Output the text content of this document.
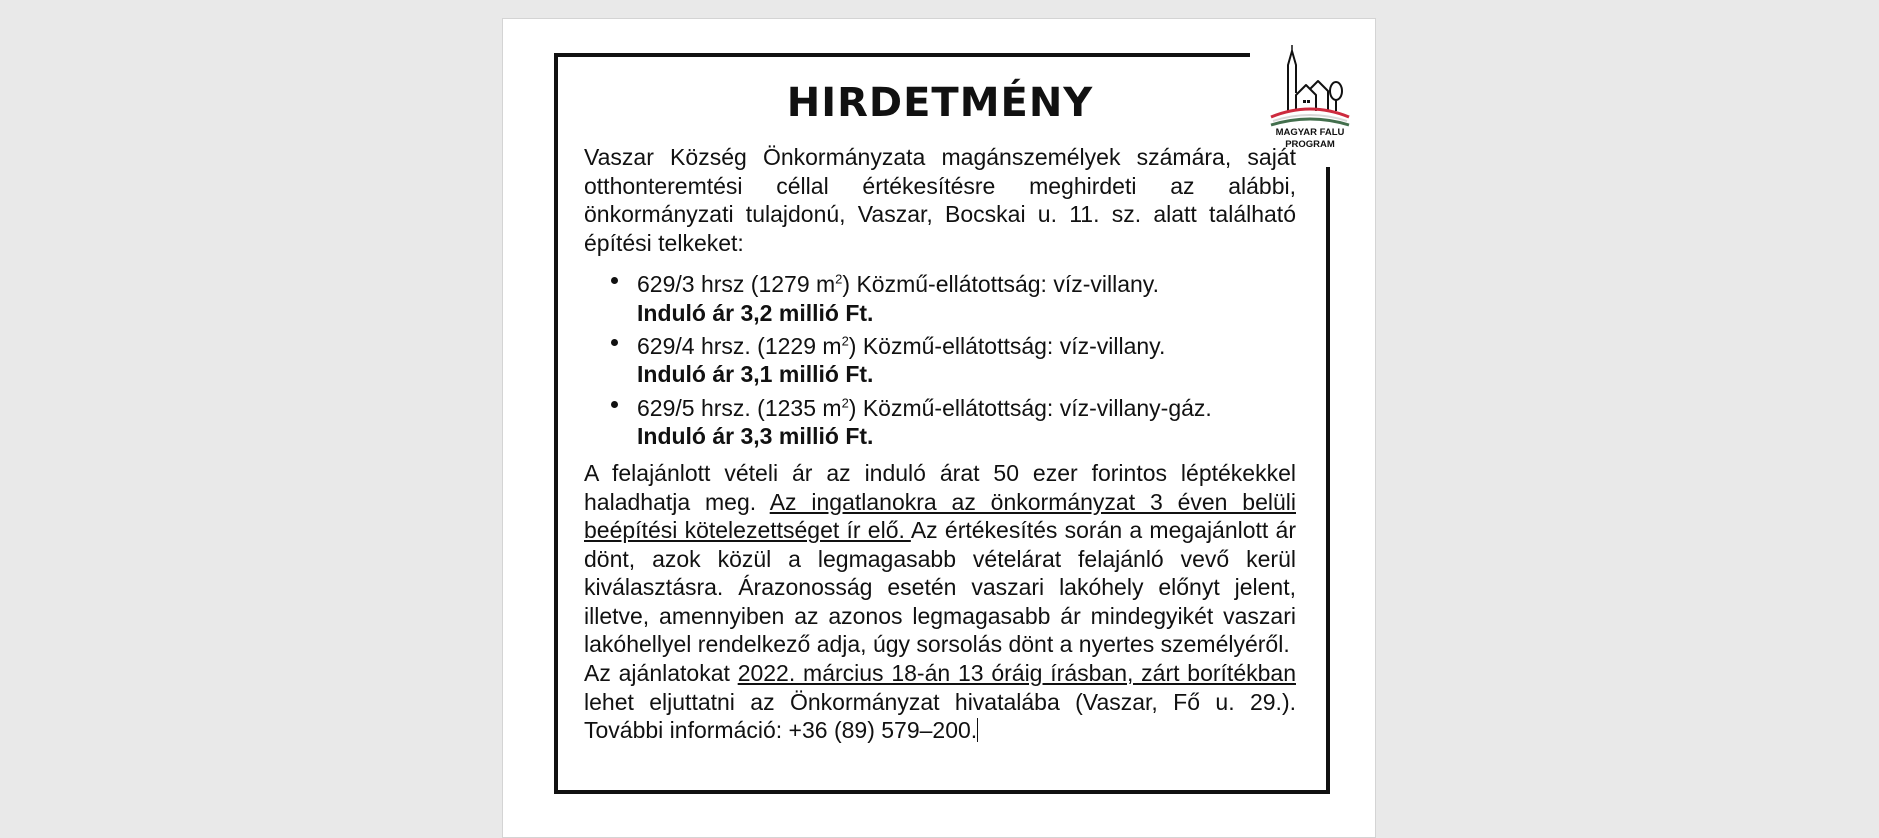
MAGYAR FALU
PROGRAM
HIRDETMÉNY

Vaszar Község Önkormányzata magánszemélyek számára, saját otthonteremtési céllal értékesítésre meghirdeti az alábbi, önkormányzati tulajdonú, Vaszar, Bocskai u. 11. sz. alatt található építési telkeket:

629/3 hrsz (1279 $m^2$) Közmű-ellátottság: víz-villany.
Induló ár 3,2 millió Ft.
629/4 hrsz. (1229 $m^2$) Közmű-ellátottság: víz-villany.
Induló ár 3,1 millió Ft.
629/5 hrsz. (1235 $m^2$) Közmű-ellátottság: víz-villany-gáz.
Induló ár 3,3 millió Ft.

A felajánlott vételi ár az induló árat 50 ezer forintos léptékekkel haladhatja meg. Az ingatlanokra az önkormányzat 3 éven belüli beépítési kötelezettséget ír elő. Az értékesítés során a megajánlott ár dönt, azok közül a legmagasabb vételárat felajánló vevő kerül kiválasztásra. Árazonosság esetén vaszari lakóhely előnyt jelent, illetve, amennyiben az azonos legmagasabb ár mindegyikét vaszari lakóhellyel rendelkező adja, úgy sorsolás dönt a nyertes személyéről.

Az ajánlatokat 2022. március 18-án 13 óráig írásban, zárt borítékban lehet eljuttatni az Önkormányzat hivatalába (Vaszar, Fő u. 29.). További információ: +36 (89) 579–200.
